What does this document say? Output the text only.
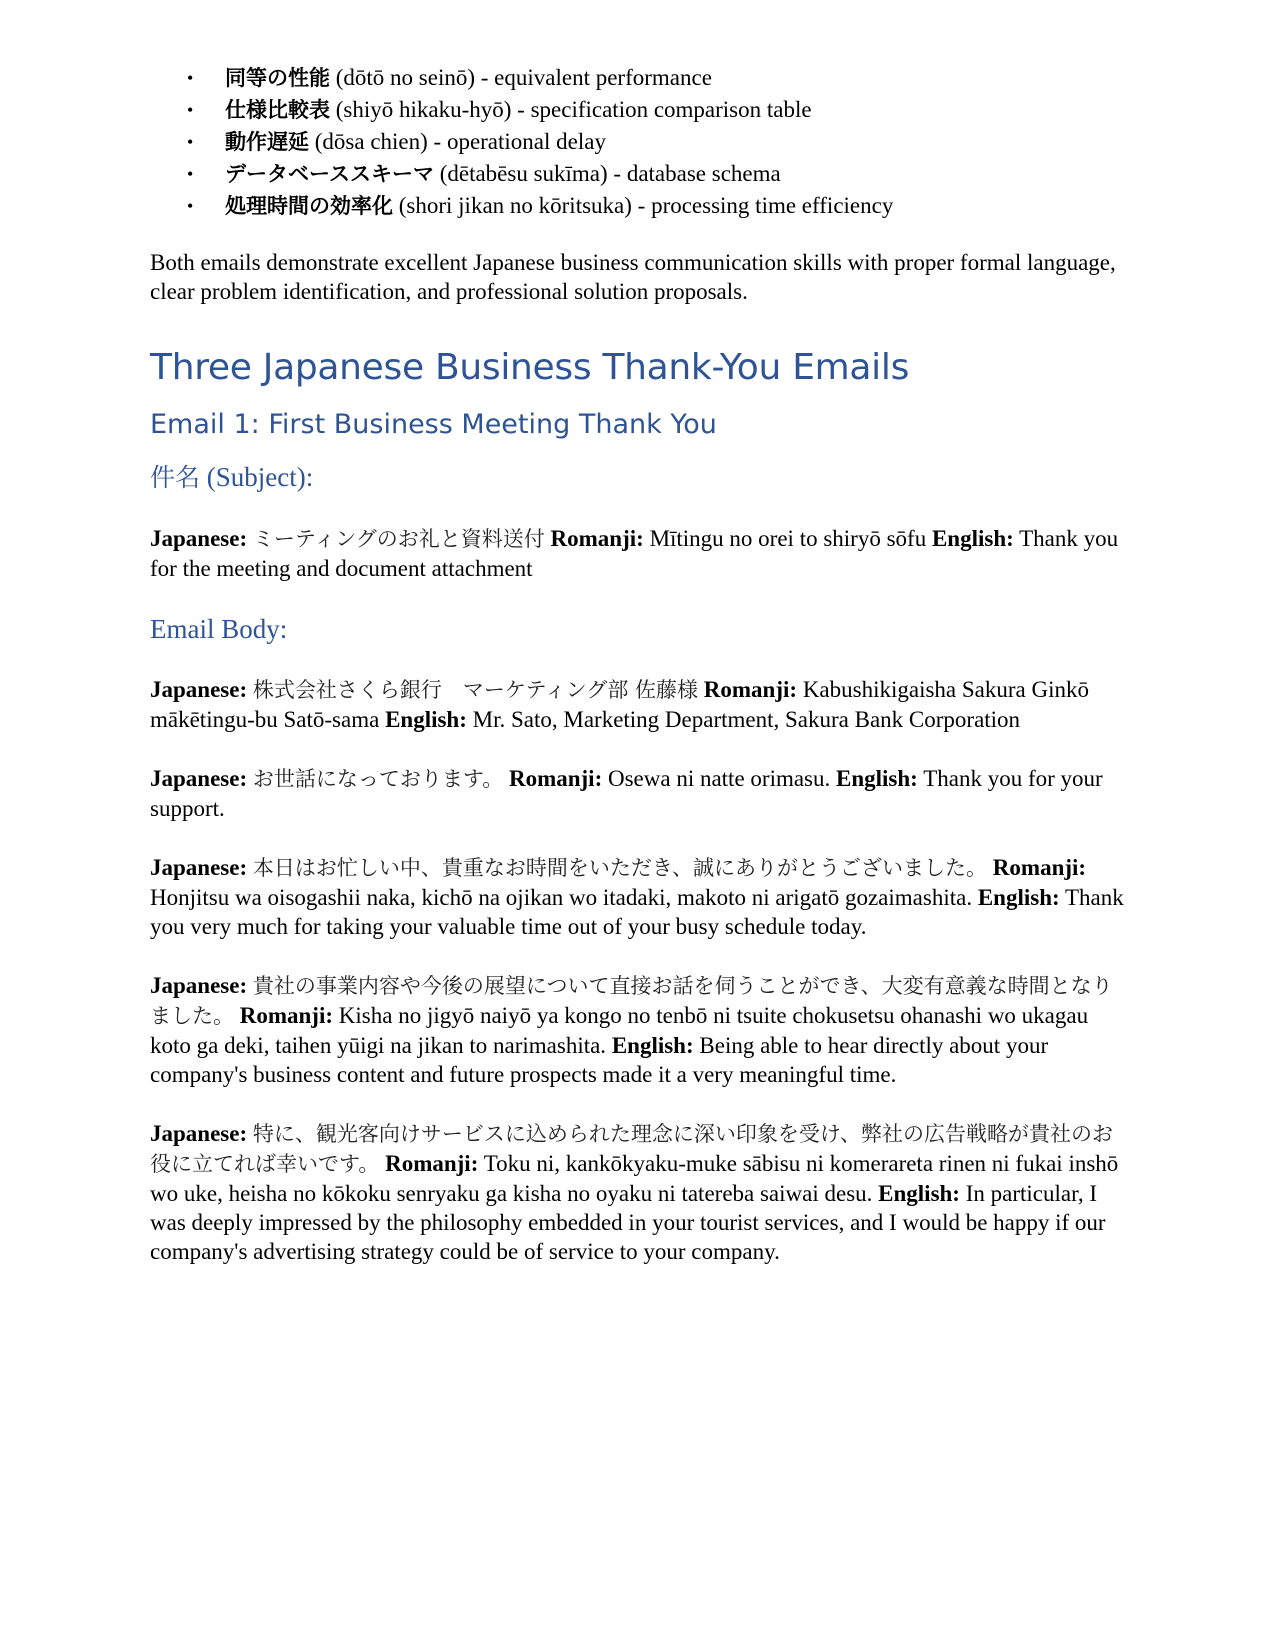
• 同等の性能 (dōtō no seinō) - equivalent performance
• 仕様比較表 (shiyō hikaku-hyō) - specification comparison table
• 動作遅延 (dōsa chien) - operational delay
• データベーススキーマ (dētabēsu sukīma) - database schema
• 処理時間の効率化 (shori jikan no kōritsuka) - processing time efficiency

Both emails demonstrate excellent Japanese business communication skills with proper formal language, clear problem identification, and professional solution proposals.

Three Japanese Business Thank-You Emails
Email 1: First Business Meeting Thank You
件名 (Subject):

Japanese: ミーティングのお礼と資料送付 Romanji: Mītingu no orei to shiryō sōfu English: Thank you for the meeting and document attachment

Email Body:

Japanese: 株式会社さくら銀行　マーケティング部 佐藤様 Romanji: Kabushikigaisha Sakura Ginkō mākētingu-bu Satō-sama English: Mr. Sato, Marketing Department, Sakura Bank Corporation

Japanese: お世話になっております。 Romanji: Osewa ni natte orimasu. English: Thank you for your support.

Japanese: 本日はお忙しい中、貴重なお時間をいただき、誠にありがとうございました。 Romanji: Honjitsu wa oisogashii naka, kichō na ojikan wo itadaki, makoto ni arigatō gozaimashita. English: Thank you very much for taking your valuable time out of your busy schedule today.

Japanese: 貴社の事業内容や今後の展望について直接お話を伺うことができ、大変有意義な時間となりました。 Romanji: Kisha no jigyō naiyō ya kongo no tenbō ni tsuite chokusetsu ohanashi wo ukagau koto ga deki, taihen yūigi na jikan to narimashita. English: Being able to hear directly about your company's business content and future prospects made it a very meaningful time.

Japanese: 特に、観光客向けサービスに込められた理念に深い印象を受け、弊社の広告戦略が貴社のお役に立てれば幸いです。 Romanji: Toku ni, kankōkyaku-muke sābisu ni komerareta rinen ni fukai inshō wo uke, heisha no kōkoku senryaku ga kisha no oyaku ni tatereba saiwai desu. English: In particular, I was deeply impressed by the philosophy embedded in your tourist services, and I would be happy if our company's advertising strategy could be of service to your company.
